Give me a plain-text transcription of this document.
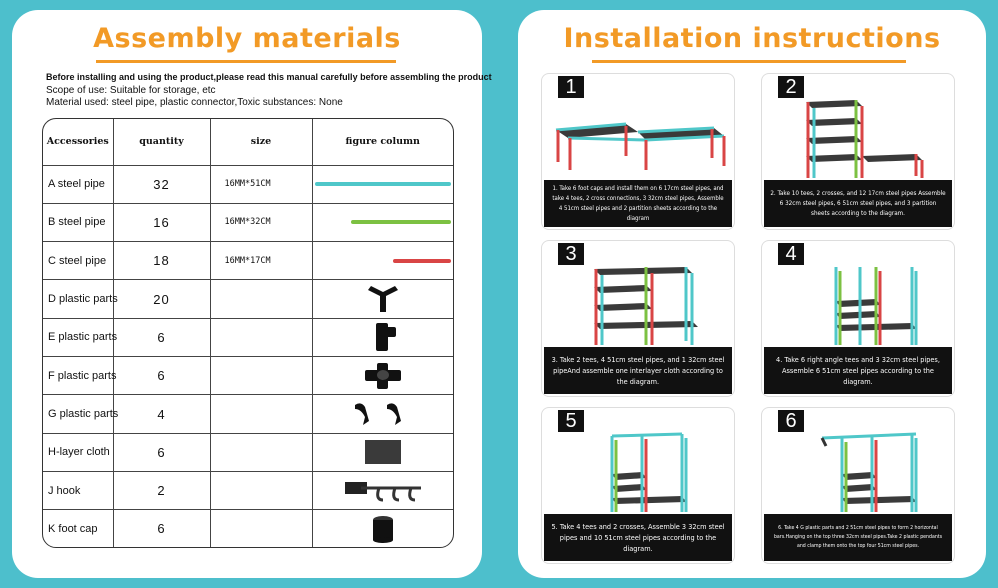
Assembly materials
Before installing and using the product,please read this manual carefully before assembling the product
Scope of use: Suitable for storage, etc
Material used: steel pipe, plastic connector,Toxic substances: None
Accessories	quantity	size	figure column
A steel pipe	32	16MM*51CM	

B steel pipe	16	16MM*32CM	

C steel pipe	18	16MM*17CM	

D plastic parts	20		

E plastic parts	6		

F plastic parts	6		

G plastic parts	4		

H-layer cloth	6		

J hook	2		

K foot cap	6		
Installation instructions
1
1. Take 6 foot caps and install them on 6 17cm steel pipes, and take 4 tees, 2 cross connections, 3 32cm steel pipes, Assemble 4 51cm steel pipes and 2 partition sheets according to the diagram
2
2. Take 10 tees, 2 crosses, and 12 17cm steel pipes Assemble 6 32cm steel pipes, 6 51cm steel pipes, and 3 partition sheets according to the diagram.
3
3. Take 2 tees, 4 51cm steel pipes, and 1 32cm steel pipeAnd assemble one interlayer cloth according to the diagram.
4
4. Take 6 right angle tees and 3 32cm steel pipes, Assemble 6 51cm steel pipes according to the diagram.
5
5. Take 4 tees and 2 crosses, Assemble 3 32cm steel pipes and 10 51cm steel pipes according to the diagram.
6
6. Take 4 G plastic parts and 2 51cm steel pipes to form 2 horizontal bars.Hanging on the top three 32cm steel pipes.Take 2 plastic pendants and clamp them onto the top four 51cm steel pipes.
